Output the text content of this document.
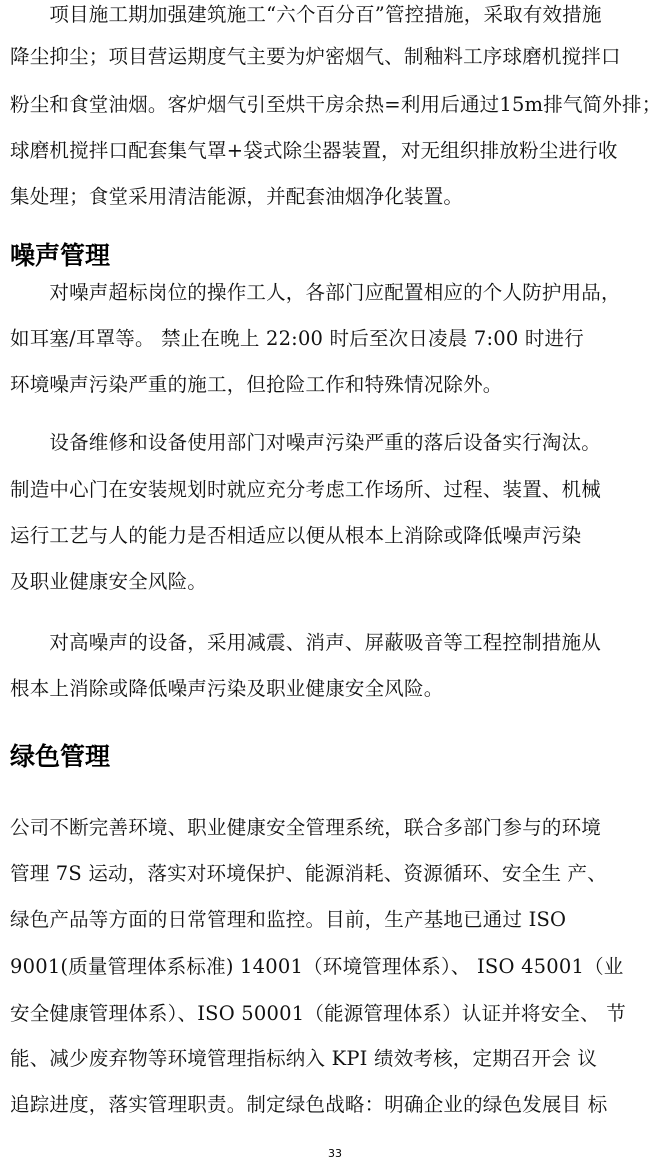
　　项目施工期加强建筑施工“六个百分百”管控措施，采取有效措施
降尘抑尘；项目营运期度气主要为炉密烟气、制釉料工序球磨机搅拌口
粉尘和食堂油烟。客炉烟气引至烘干房余热=利用后通过15m排气简外排；
球磨机搅拌口配套集气罩+袋式除尘器装置，对无组织排放粉尘进行收
集处理；食堂采用清洁能源，并配套油烟净化装置。
噪声管理
　　对噪声超标岗位的操作工人，各部门应配置相应的个人防护用品，
如耳塞/耳罩等。 禁止在晚上 22:00 时后至次日凌晨 7:00 时进行
环境噪声污染严重的施工，但抢险工作和特殊情况除外。
　　设备维修和设备使用部门对噪声污染严重的落后设备实行淘汰。
制造中心门在安装规划时就应充分考虑工作场所、过程、装置、机械
运行工艺与人的能力是否相适应以便从根本上消除或降低噪声污染
及职业健康安全风险。
　　对高噪声的设备，采用减震、消声、屏蔽吸音等工程控制措施从
根本上消除或降低噪声污染及职业健康安全风险。
绿色管理
公司不断完善环境、职业健康安全管理系统，联合多部门参与的环境
管理 7S 运动，落实对环境保护、能源消耗、资源循环、安全生 产、
绿色产品等方面的日常管理和监控。目前，生产基地已通过 ISO
9001(质量管理体系标准) 14001（环境管理体系）、 ISO 45001（业
安全健康管理体系）、ISO 50001（能源管理体系）认证并将安全、 节
能、减少废弃物等环境管理指标纳入 KPI 绩效考核，定期召开会 议
追踪进度，落实管理职责。制定绿色战略：明确企业的绿色发展目 标
33
